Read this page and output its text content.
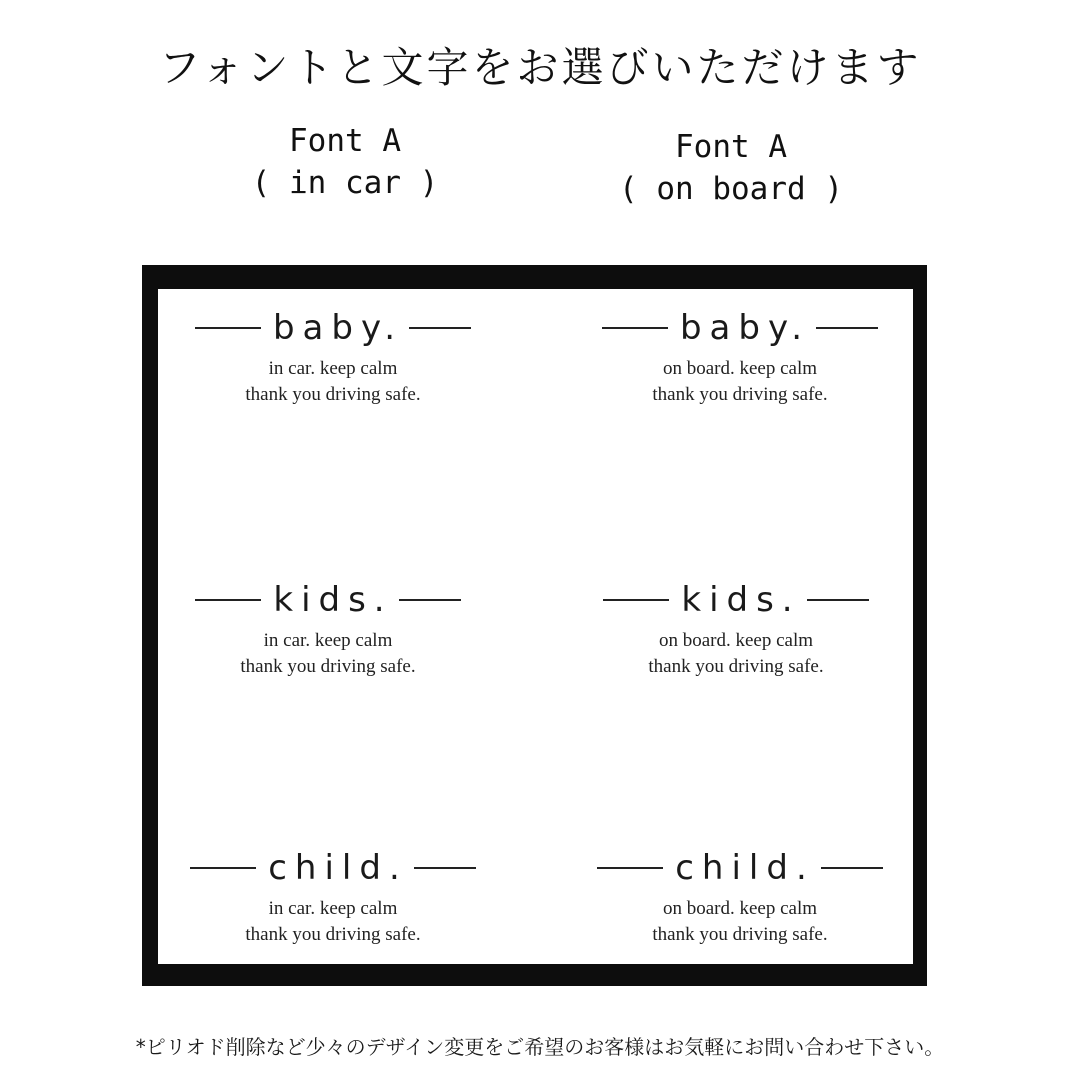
フォントと文字をお選びいただけます
Font A
( in car )
Font A
( on board )
baby.
in car. keep calm
thank you driving safe.
baby.
on board. keep calm
thank you driving safe.
kids.
in car. keep calm
thank you driving safe.
kids.
on board. keep calm
thank you driving safe.
child.
in car. keep calm
thank you driving safe.
child.
on board. keep calm
thank you driving safe.
*ピリオド削除など少々のデザイン変更をご希望のお客様はお気軽にお問い合わせ下さい。
